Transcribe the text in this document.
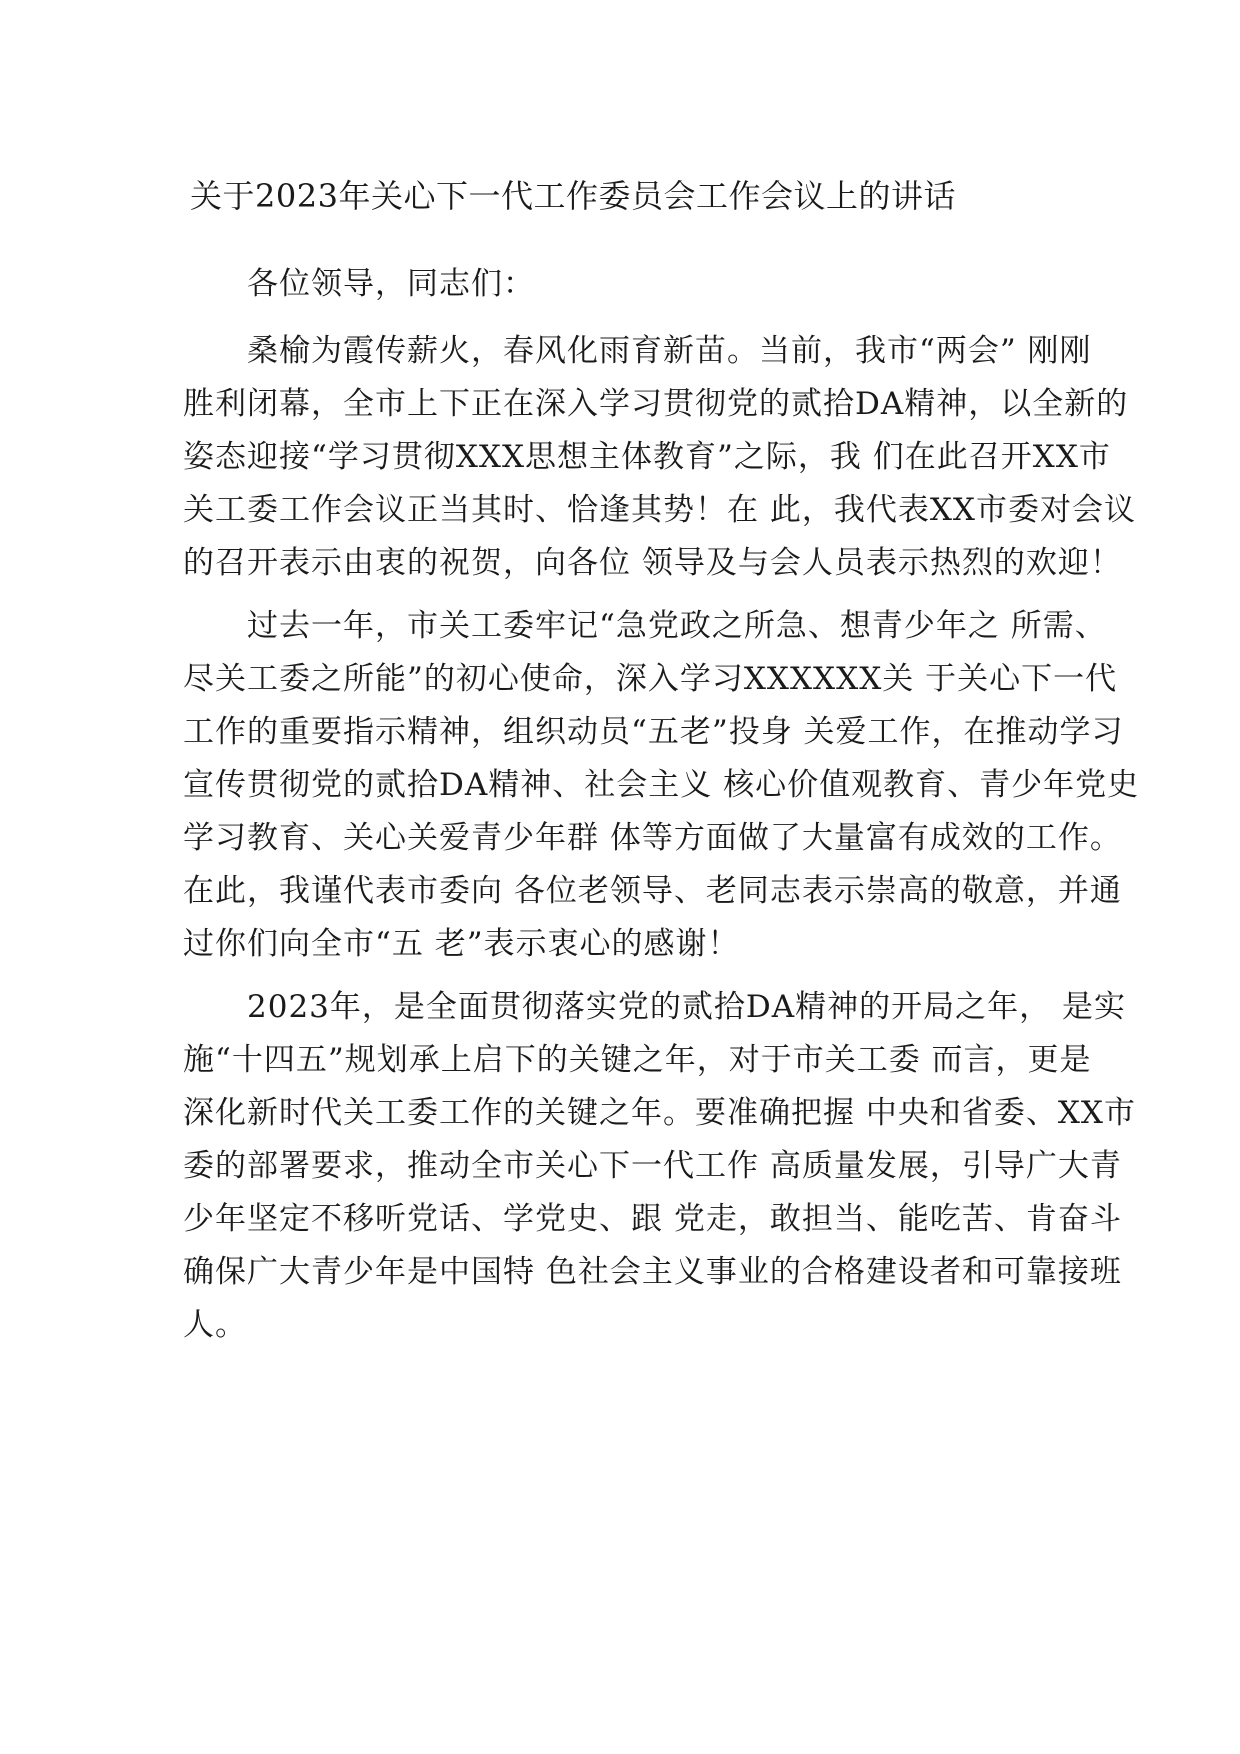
关于2023年关心下一代工作委员会工作会议上的讲话

各位领导，同志们：

桑榆为霞传薪火，春风化雨育新苗。当前，我市“两会” 刚刚
胜利闭幕，全市上下正在深入学习贯彻党的贰拾DA精神，以全新的
姿态迎接“学习贯彻XXX思想主体教育”之际，我 们在此召开XX市
关工委工作会议正当其时、恰逢其势！在 此，我代表XX市委对会议
的召开表示由衷的祝贺，向各位 领导及与会人员表示热烈的欢迎！

过去一年，市关工委牢记“急党政之所急、想青少年之 所需、
尽关工委之所能”的初心使命，深入学习XXXXXX关 于关心下一代
工作的重要指示精神，组织动员“五老”投身 关爱工作，在推动学习
宣传贯彻党的贰拾DA精神、社会主义 核心价值观教育、青少年党史
学习教育、关心关爱青少年群 体等方面做了大量富有成效的工作。
在此，我谨代表市委向 各位老领导、老同志表示崇高的敬意，并通
过你们向全市“五 老”表示衷心的感谢！

2023年，是全面贯彻落实党的贰拾DA精神的开局之年， 是实
施“十四五”规划承上启下的关键之年，对于市关工委 而言，更是
深化新时代关工委工作的关键之年。要准确把握 中央和省委、XX市
委的部署要求，推动全市关心下一代工作 高质量发展，引导广大青
少年坚定不移听党话、学党史、跟 党走，敢担当、能吃苦、肯奋斗
确保广大青少年是中国特 色社会主义事业的合格建设者和可靠接班
人。
